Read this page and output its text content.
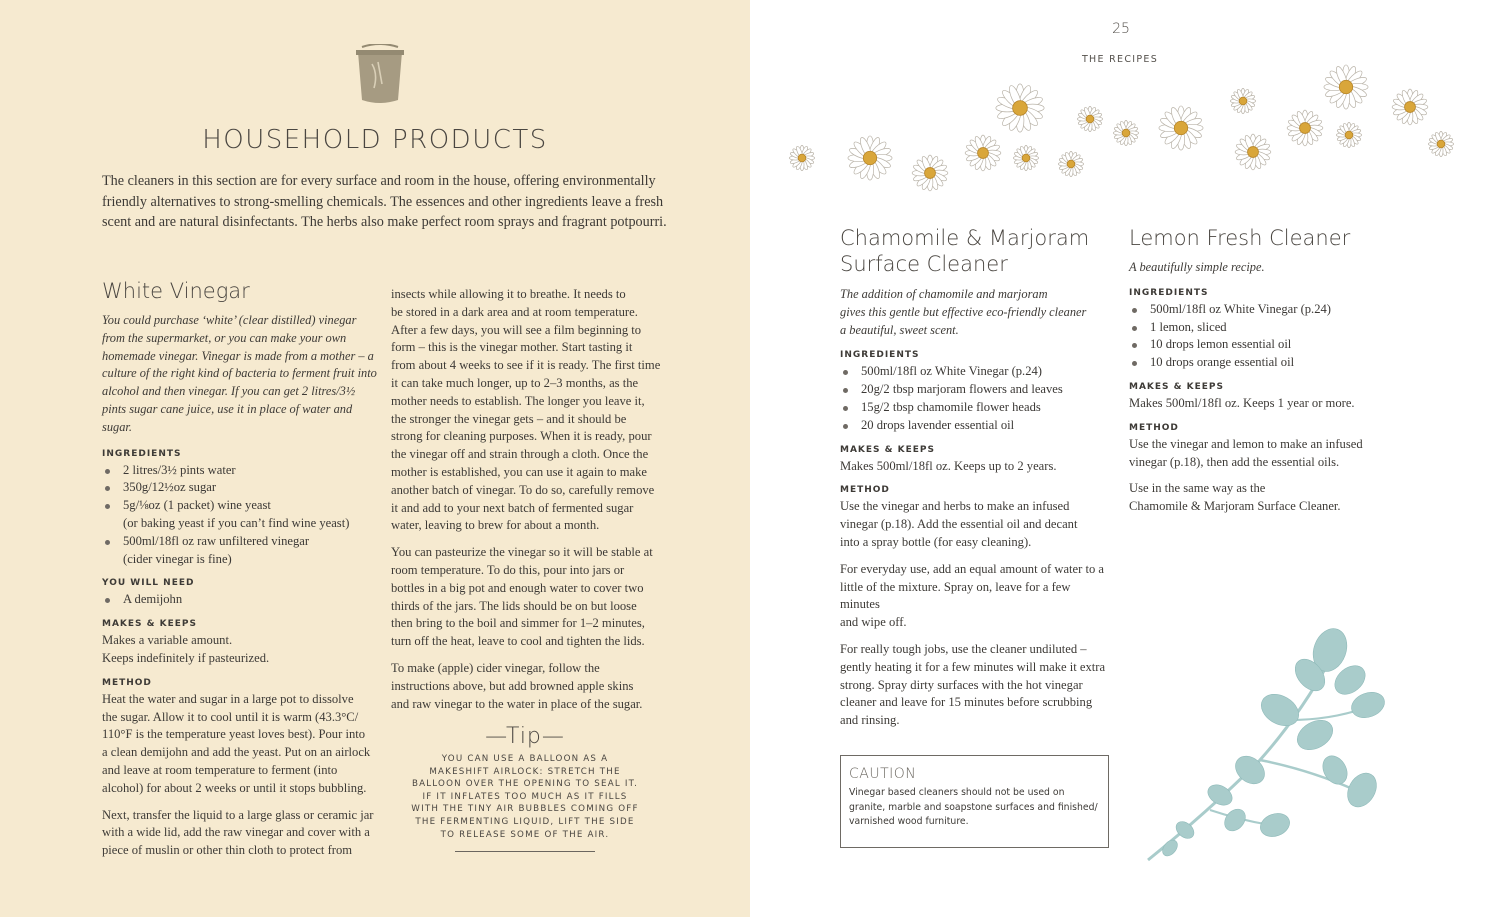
HOUSEHOLD PRODUCTS
The cleaners in this section are for every surface and room in the house, offering environmentally
friendly alternatives to strong-smelling chemicals. The essences and other ingredients leave a fresh
scent and are natural disinfectants. The herbs also make perfect room sprays and fragrant potpourri.
White Vinegar
You could purchase ‘white’ (clear distilled) vinegar
from the supermarket, or you can make your own
homemade vinegar. Vinegar is made from a mother – a
culture of the right kind of bacteria to ferment fruit into
alcohol and then vinegar. If you can get 2 litres/3½
pints sugar cane juice, use it in place of water and sugar.
INGREDIENTS
2 litres/3½ pints water
350g/12½oz sugar
5g/⅛oz (1 packet) wine yeast
(or baking yeast if you can’t find wine yeast)
500ml/18fl oz raw unfiltered vinegar
(cider vinegar is fine)
YOU WILL NEED
A demijohn
MAKES & KEEPS
Makes a variable amount.
Keeps indefinitely if pasteurized.
METHOD
Heat the water and sugar in a large pot to dissolve
the sugar. Allow it to cool until it is warm (43.3°C/
110°F is the temperature yeast loves best). Pour into
a clean demijohn and add the yeast. Put on an airlock
and leave at room temperature to ferment (into
alcohol) for about 2 weeks or until it stops bubbling.
Next, transfer the liquid to a large glass or ceramic jar
with a wide lid, add the raw vinegar and cover with a
piece of muslin or other thin cloth to protect from
insects while allowing it to breathe. It needs to
be stored in a dark area and at room temperature.
After a few days, you will see a film beginning to
form – this is the vinegar mother. Start tasting it
from about 4 weeks to see if it is ready. The first time
it can take much longer, up to 2–3 months, as the
mother needs to establish. The longer you leave it,
the stronger the vinegar gets – and it should be
strong for cleaning purposes. When it is ready, pour
the vinegar off and strain through a cloth. Once the
mother is established, you can use it again to make
another batch of vinegar. To do so, carefully remove
it and add to your next batch of fermented sugar
water, leaving to brew for about a month.
You can pasteurize the vinegar so it will be stable at
room temperature. To do this, pour into jars or
bottles in a big pot and enough water to cover two
thirds of the jars. The lids should be on but loose
then bring to the boil and simmer for 1–2 minutes,
turn off the heat, leave to cool and tighten the lids.
To make (apple) cider vinegar, follow the
instructions above, but add browned apple skins
and raw vinegar to the water in place of the sugar.
—Tip—
YOU CAN USE A BALLOON AS A
MAKESHIFT AIRLOCK: STRETCH THE
BALLOON OVER THE OPENING TO SEAL IT.
IF IT INFLATES TOO MUCH AS IT FILLS
WITH THE TINY AIR BUBBLES COMING OFF
THE FERMENTING LIQUID, LIFT THE SIDE
TO RELEASE SOME OF THE AIR.
25
THE RECIPES
Chamomile & Marjoram
Surface Cleaner
The addition of chamomile and marjoram
gives this gentle but effective eco-friendly cleaner
a beautiful, sweet scent.
INGREDIENTS
500ml/18fl oz White Vinegar (p.24)
20g/2 tbsp marjoram flowers and leaves
15g/2 tbsp chamomile flower heads
20 drops lavender essential oil
MAKES & KEEPS
Makes 500ml/18fl oz. Keeps up to 2 years.
METHOD
Use the vinegar and herbs to make an infused
vinegar (p.18). Add the essential oil and decant
into a spray bottle (for easy cleaning).
For everyday use, add an equal amount of water to a
little of the mixture. Spray on, leave for a few minutes
and wipe off.
For really tough jobs, use the cleaner undiluted –
gently heating it for a few minutes will make it extra
strong. Spray dirty surfaces with the hot vinegar
cleaner and leave for 15 minutes before scrubbing
and rinsing.
Lemon Fresh Cleaner
A beautifully simple recipe.
INGREDIENTS
500ml/18fl oz White Vinegar (p.24)
1 lemon, sliced
10 drops lemon essential oil
10 drops orange essential oil
MAKES & KEEPS
Makes 500ml/18fl oz. Keeps 1 year or more.
METHOD
Use the vinegar and lemon to make an infused
vinegar (p.18), then add the essential oils.
Use in the same way as the
Chamomile & Marjoram Surface Cleaner.
CAUTION
Vinegar based cleaners should not be used on
granite, marble and soapstone surfaces and finished/
varnished wood furniture.
